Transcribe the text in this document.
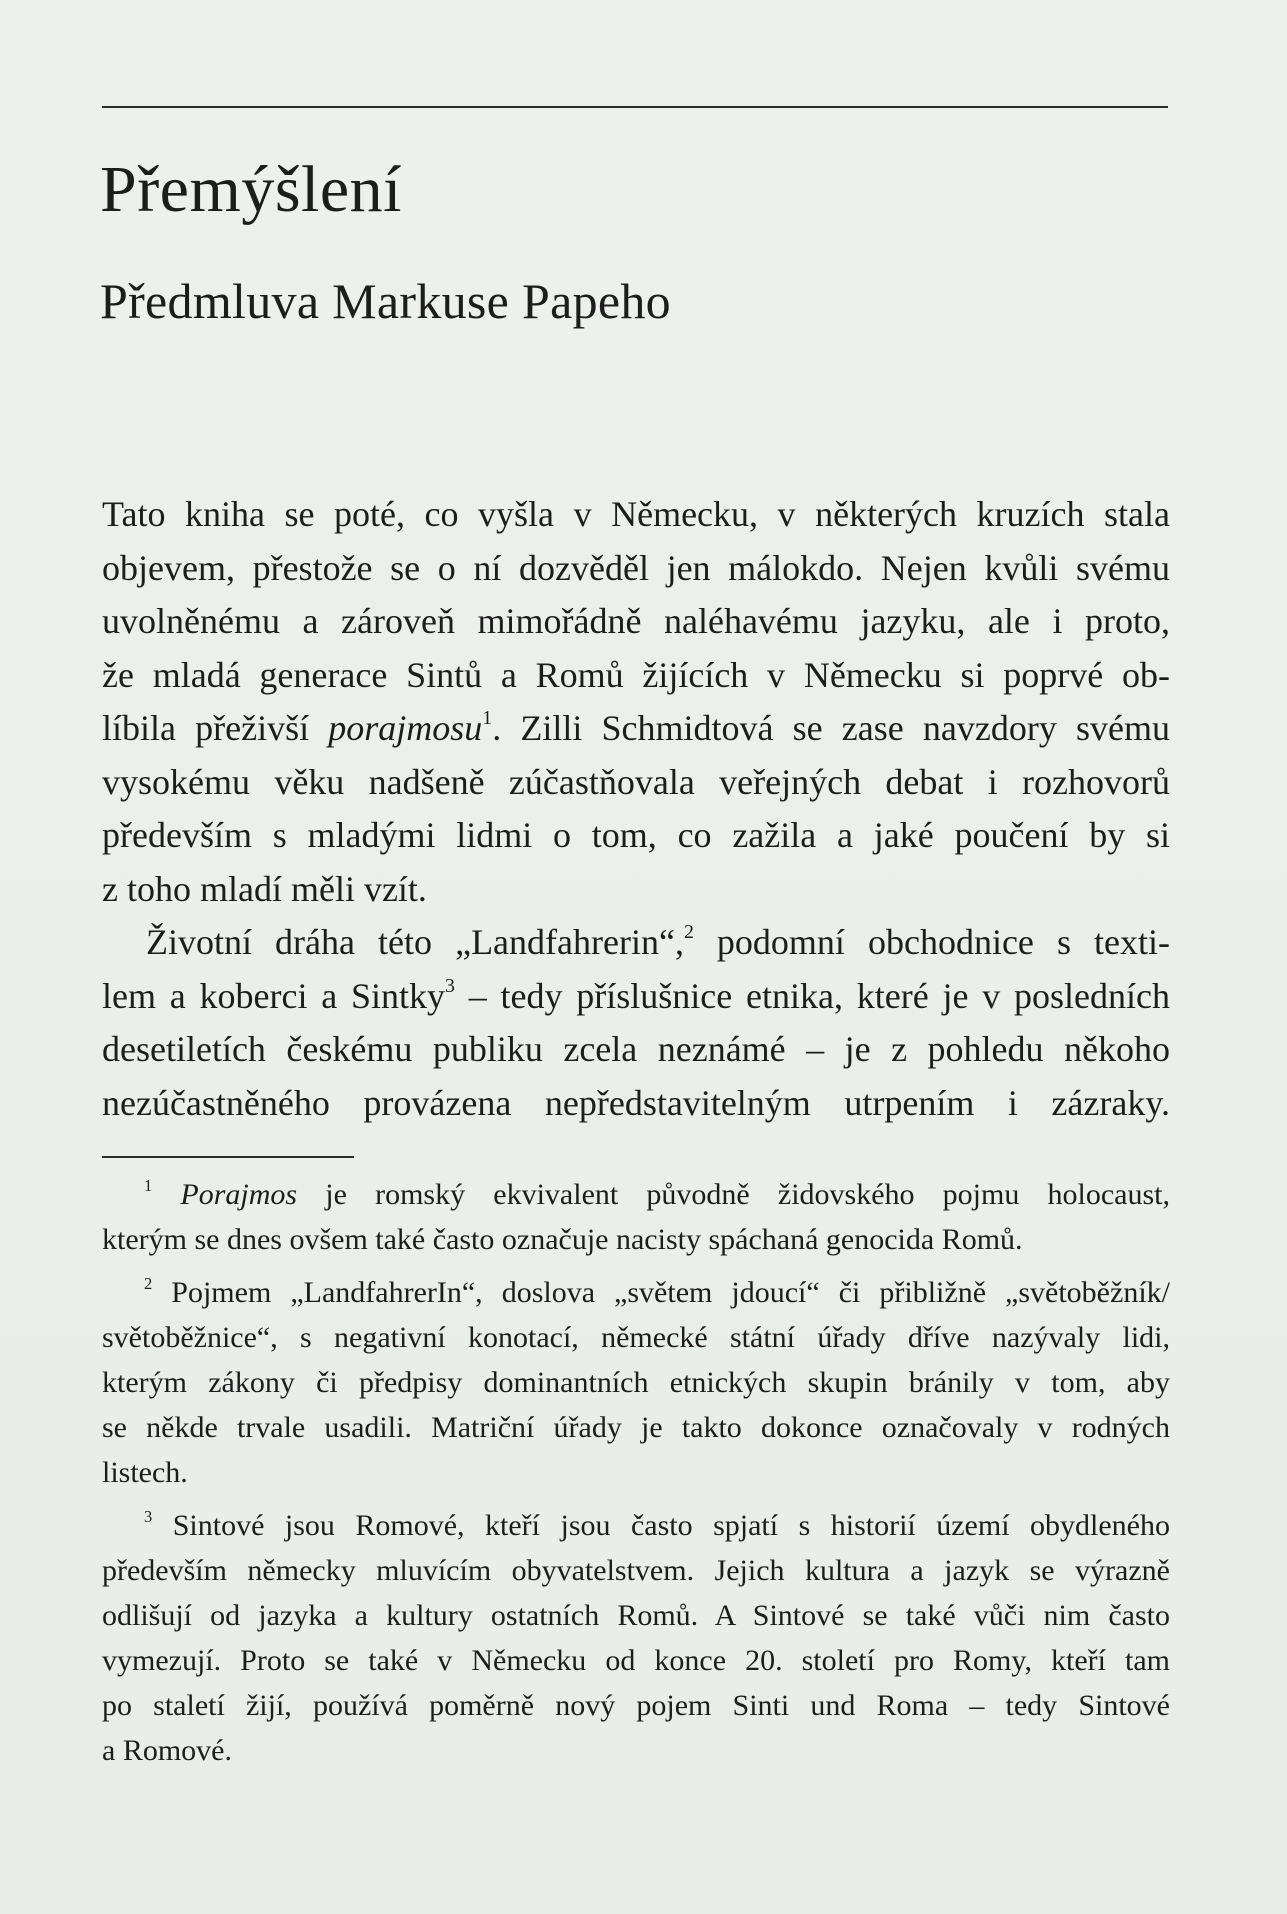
Přemýšlení
Předmluva Markuse Papeho
Tato kniha se poté, co vyšla v Německu, v některých kruzích stala
objevem, přestože se o ní dozvěděl jen málokdo. Nejen kvůli svému
uvolněnému a zároveň mimořádně naléhavému jazyku, ale i proto,
že mladá generace Sintů a Romů žijících v Německu si poprvé ob-
líbila přeživší porajmosu$^1$. Zilli Schmidtová se zase navzdory svému
vysokému věku nadšeně zúčastňovala veřejných debat i rozhovorů
především s mladými lidmi o tom, co zažila a jaké poučení by si
z toho mladí měli vzít.
Životní dráha této „Landfahrerin“,$^2$ podomní obchodnice s texti-
lem a koberci a Sintky$^3$ – tedy příslušnice etnika, které je v posledních
desetiletích českému publiku zcela neznámé – je z pohledu někoho
nezúčastněného provázena nepředstavitelným utrpením i zázraky.
$^1$ Porajmos je romský ekvivalent původně židovského pojmu holocaust,
kterým se dnes ovšem také často označuje nacisty spáchaná genocida Romů.
$^2$ Pojmem „LandfahrerIn“, doslova „světem jdoucí“ či přibližně „světoběžník/
světoběžnice“, s negativní konotací, německé státní úřady dříve nazývaly lidi,
kterým zákony či předpisy dominantních etnických skupin bránily v tom, aby
se někde trvale usadili. Matriční úřady je takto dokonce označovaly v rodných
listech.
$^3$ Sintové jsou Romové, kteří jsou často spjatí s historií území obydleného
především německy mluvícím obyvatelstvem. Jejich kultura a jazyk se výrazně
odlišují od jazyka a kultury ostatních Romů. A Sintové se také vůči nim často
vymezují. Proto se také v Německu od konce 20. století pro Romy, kteří tam
po staletí žijí, používá poměrně nový pojem Sinti und Roma – tedy Sintové
a Romové.
